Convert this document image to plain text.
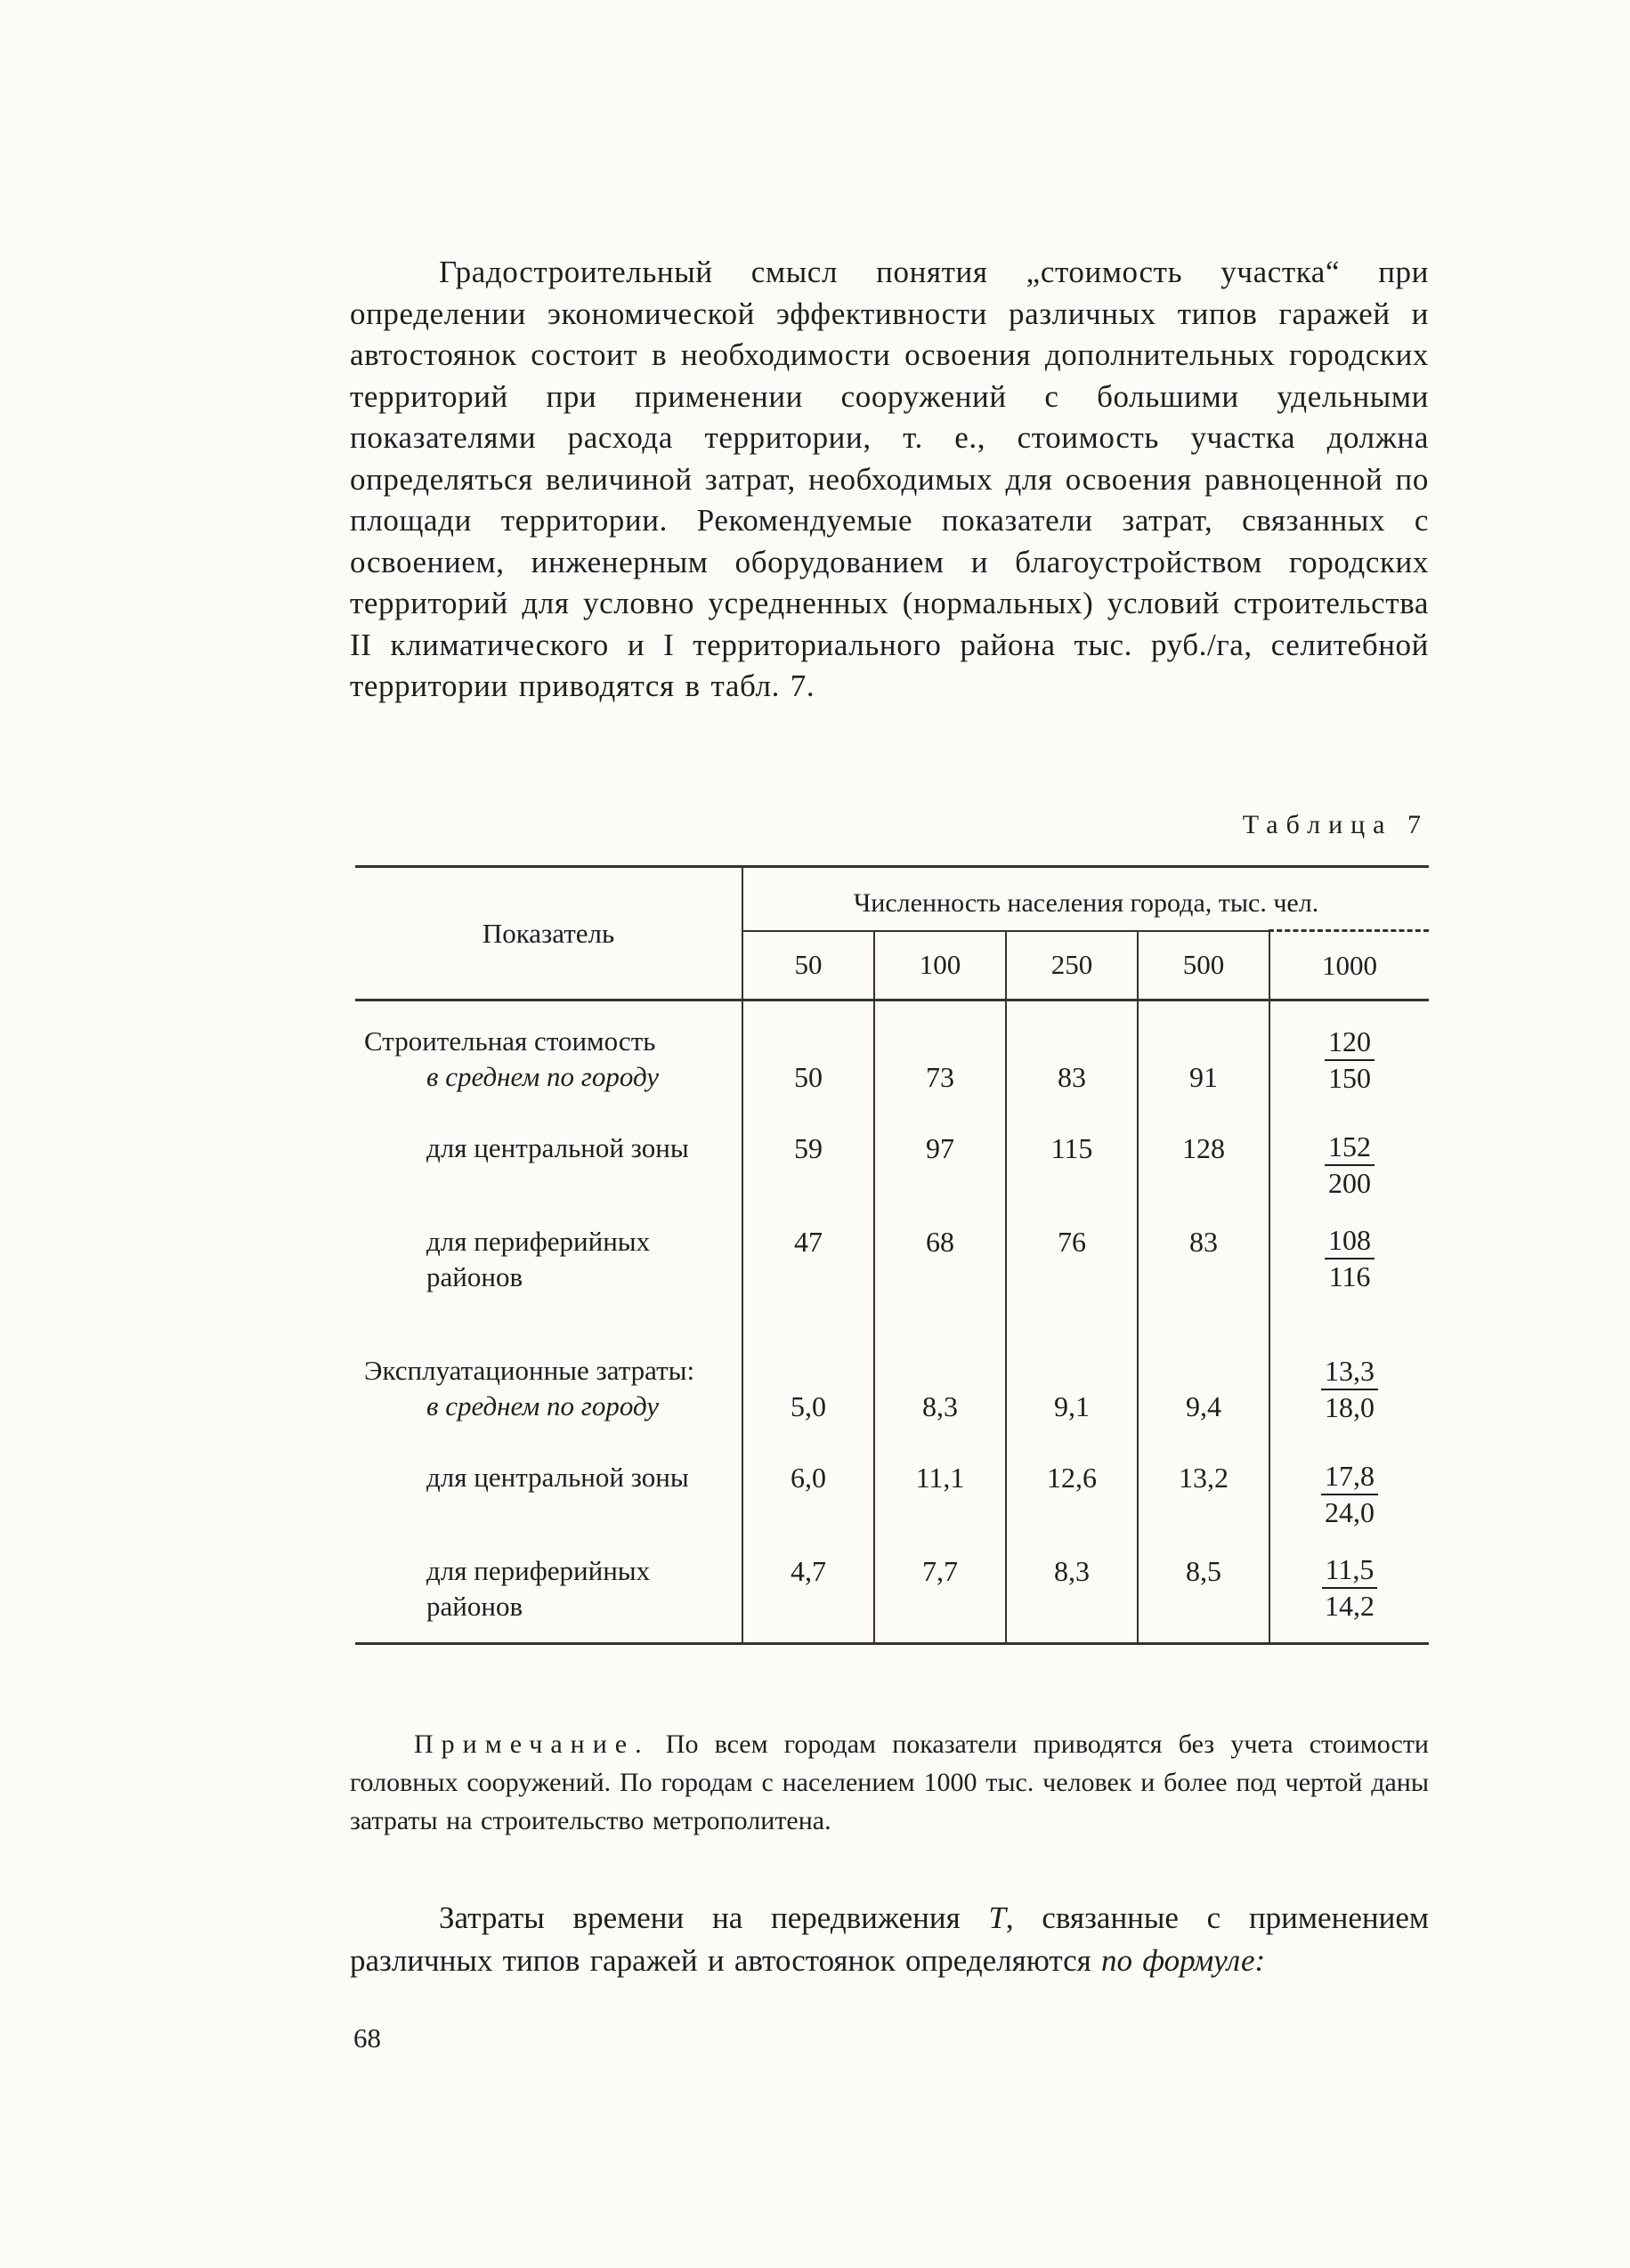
Градостроительный смысл понятия „стоимость участка“ при определении экономической эффективности различных типов гаражей и автостоянок состоит в необходимости освоения дополнительных городских территорий при применении сооружений с большими удельными показателями расхода территории, т. е., стоимость участка должна определяться величиной затрат, необходимых для освоения равноценной по площади территории. Рекомендуемые показатели затрат, связанных с освоением, инженерным оборудованием и благоустройством городских территорий для условно усредненных (нормальных) условий строительства II климатического и I территориального района тыс. руб./га, селитебной территории приводятся в табл. 7.

Таблица 7
Показатель	Численность населения города, тыс. чел.				
	50	100	250	500	1000

Строительная стоимость
в среднем по городу	50	73	83	91	$\frac{120}{150}$

для центральной зоны	59	97	115	128	$\frac{152}{200}$

для периферийных районов	47	68	76	83	$\frac{108}{116}$

Эксплуатационные затраты:
в среднем по городу	5,0	8,3	9,1	9,4	$\frac{13,3}{18,0}$

для центральной зоны	6,0	11,1	12,6	13,2	$\frac{17,8}{24,0}$

для периферийных районов	4,7	7,7	8,3	8,5	$\frac{11,5}{14,2}$

Примечание. По всем городам показатели приводятся без учета стоимости головных сооружений. По городам с населением 1000 тыс. человек и более под чертой даны затраты на строительство метрополитена.

Затраты времени на передвижения Т, связанные с применением различных типов гаражей и автостоянок определяются по формуле:

68
